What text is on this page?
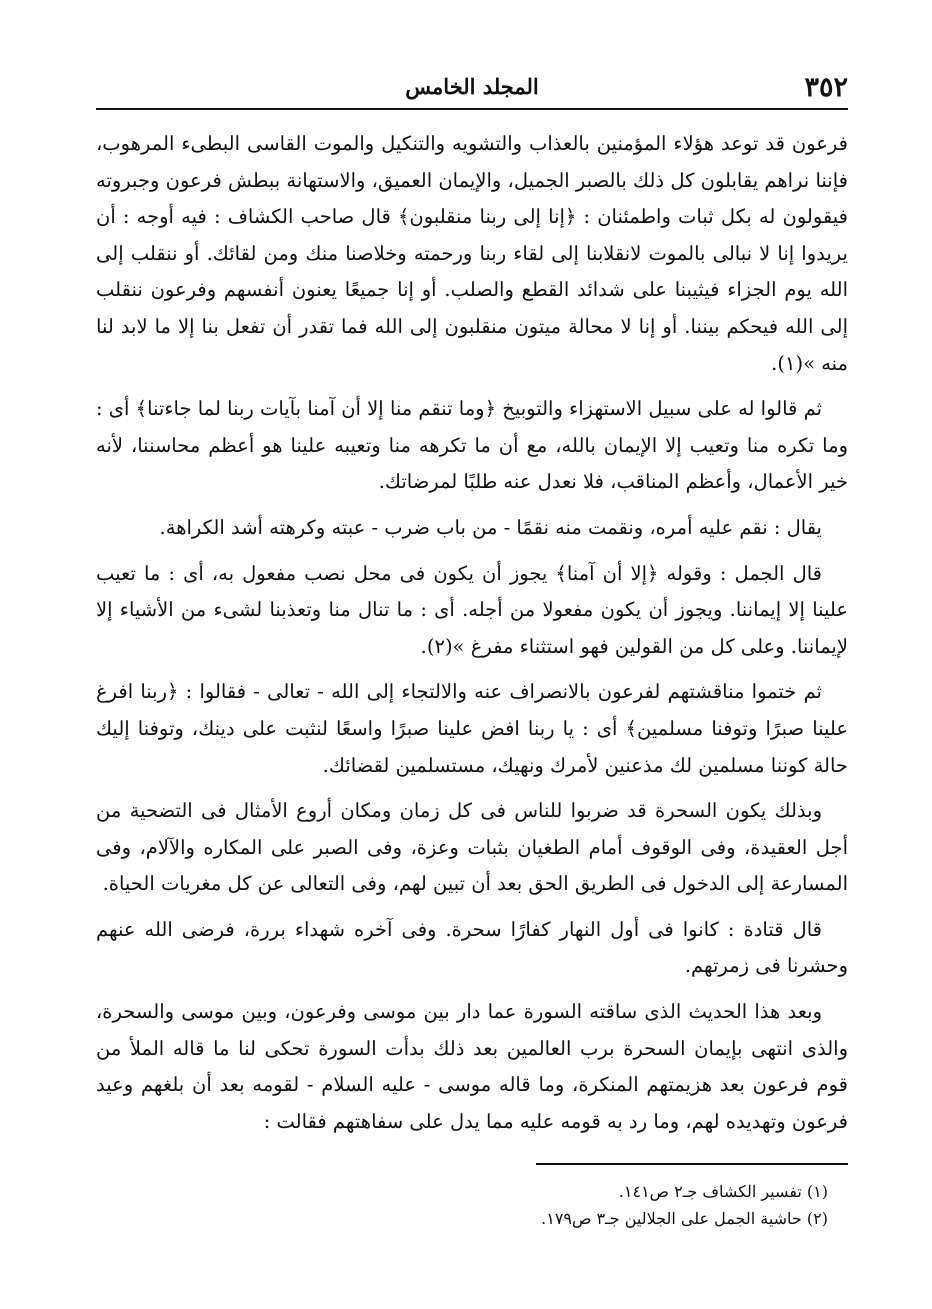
٣٥٢
المجلد الخامس

فرعون قد توعد هؤلاء المؤمنين بالعذاب والتشويه والتنكيل والموت القاسى البطىء المرهوب، فإننا نراهم يقابلون كل ذلك بالصبر الجميل، والإيمان العميق، والاستهانة ببطش فرعون وجبروته فيقولون له بكل ثبات واطمئنان : ﴿إنا إلى ربنا منقلبون﴾ قال صاحب الكشاف : فيه أوجه : أن يريدوا إنا لا نبالى بالموت لانقلابنا إلى لقاء ربنا ورحمته وخلاصنا منك ومن لقائك. أو ننقلب إلى الله يوم الجزاء فيثيبنا على شدائد القطع والصلب. أو إنا جميعًا يعنون أنفسهم وفرعون ننقلب إلى الله فيحكم بيننا. أو إنا لا محالة ميتون منقلبون إلى الله فما تقدر أن تفعل بنا إلا ما لابد لنا منه »(١).

ثم قالوا له على سبيل الاستهزاء والتوبيخ ﴿وما تنقم منا إلا أن آمنا بآيات ربنا لما جاءتنا﴾ أى : وما تكره منا وتعيب إلا الإيمان بالله، مع أن ما تكرهه منا وتعيبه علينا هو أعظم محاسننا، لأنه خير الأعمال، وأعظم المناقب، فلا نعدل عنه طلبًا لمرضاتك.

يقال : نقم عليه أمره، ونقمت منه نقمًا - من باب ضرب - عبته وكرهته أشد الكراهة.

قال الجمل : وقوله ﴿إلا أن آمنا﴾ يجوز أن يكون فى محل نصب مفعول به، أى : ما تعيب علينا إلا إيماننا. ويجوز أن يكون مفعولا من أجله. أى : ما تنال منا وتعذبنا لشىء من الأشياء إلا لإيماننا. وعلى كل من القولين فهو استثناء مفرغ »(٢).

ثم ختموا مناقشتهم لفرعون بالانصراف عنه والالتجاء إلى الله - تعالى - فقالوا : ﴿ربنا افرغ علينا صبرًا وتوفنا مسلمين﴾ أى : يا ربنا افض علينا صبرًا واسعًا لنثبت على دينك، وتوفنا إليك حالة كوننا مسلمين لك مذعنين لأمرك ونهيك، مستسلمين لقضائك.

وبذلك يكون السحرة قد ضربوا للناس فى كل زمان ومكان أروع الأمثال فى التضحية من أجل العقيدة، وفى الوقوف أمام الطغيان بثبات وعزة، وفى الصبر على المكاره والآلام، وفى المسارعة إلى الدخول فى الطريق الحق بعد أن تبين لهم، وفى التعالى عن كل مغريات الحياة.

قال قتادة : كانوا فى أول النهار كفارًا سحرة. وفى آخره شهداء بررة، فرضى الله عنهم وحشرنا فى زمرتهم.

وبعد هذا الحديث الذى ساقته السورة عما دار بين موسى وفرعون، وبين موسى والسحرة، والذى انتهى بإيمان السحرة برب العالمين بعد ذلك بدأت السورة تحكى لنا ما قاله الملأ من قوم فرعون بعد هزيمتهم المنكرة، وما قاله موسى - عليه السلام - لقومه بعد أن بلغهم وعيد فرعون وتهديده لهم، وما رد به قومه عليه مما يدل على سفاهتهم فقالت :

(١) تفسير الكشاف جـ٢ ص١٤١.
(٢) حاشية الجمل على الجلالين جـ٣ ص١٧٩.
